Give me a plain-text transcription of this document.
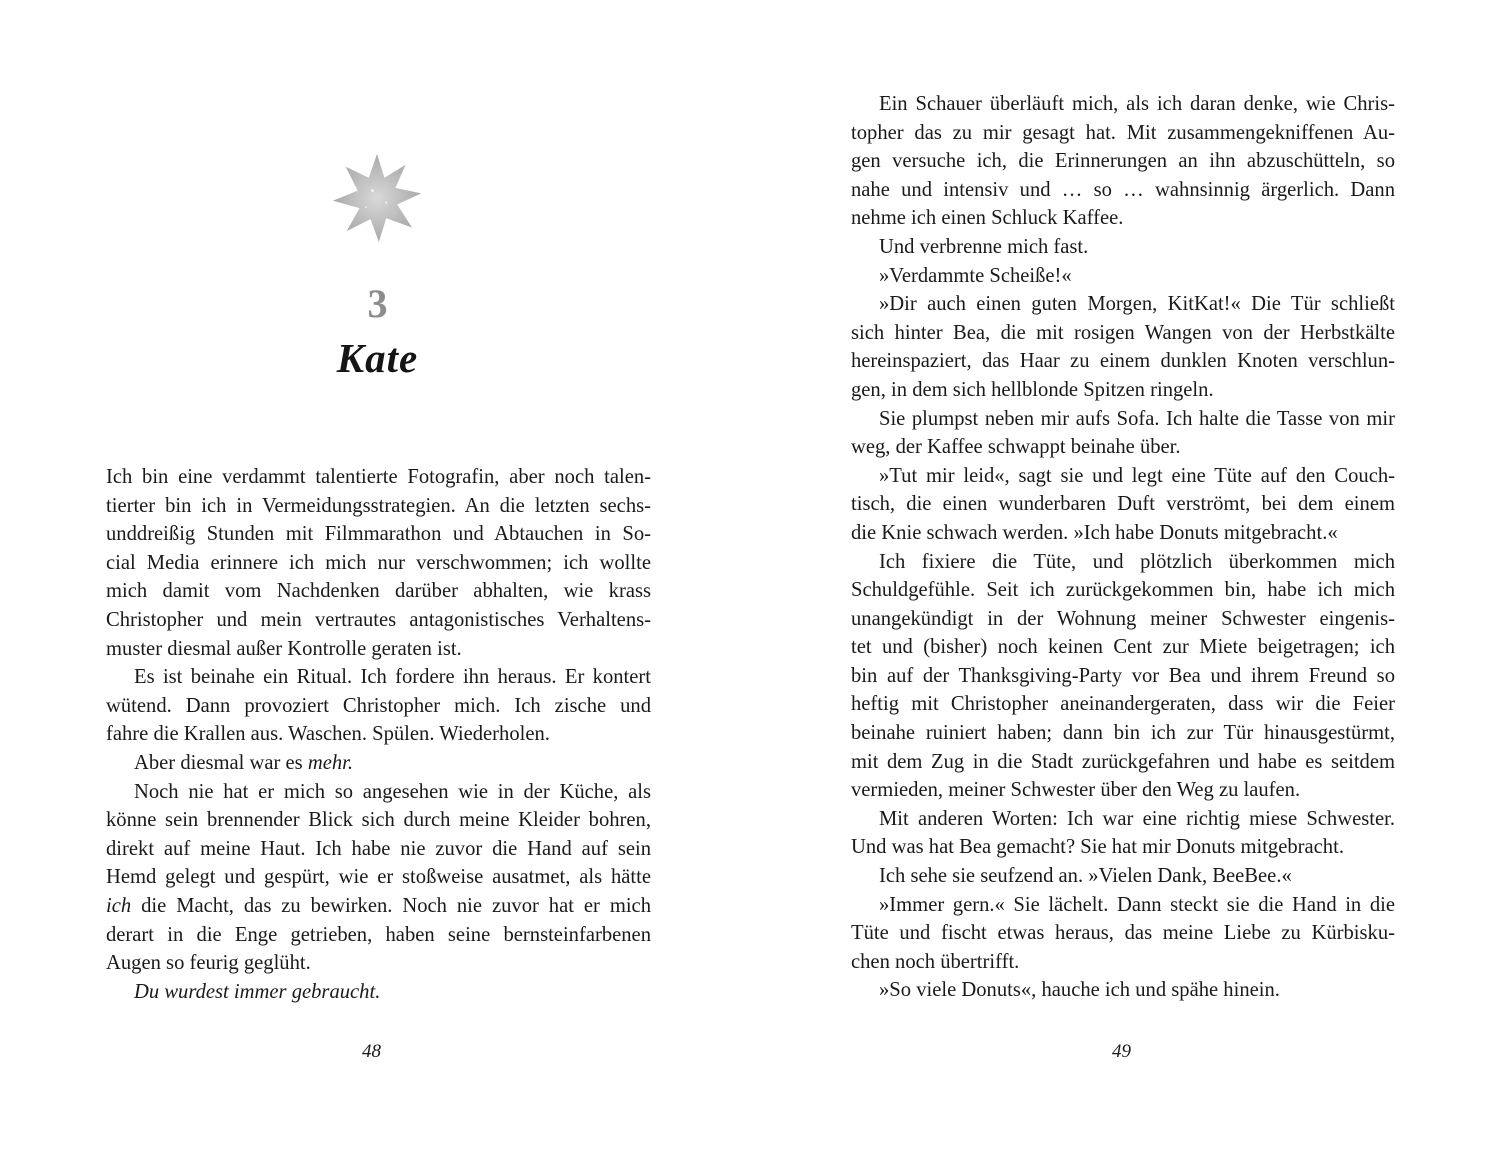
3
Kate
Ich bin eine verdammt talentierte Fotografin, aber noch talen-
tierter bin ich in Vermeidungsstrategien. An die letzten sechs-
unddreißig Stunden mit Filmmarathon und Abtauchen in So-
cial Media erinnere ich mich nur verschwommen; ich wollte
mich damit vom Nachdenken darüber abhalten, wie krass
Christopher und mein vertrautes antagonistisches Verhaltens-
muster diesmal außer Kontrolle geraten ist.
Es ist beinahe ein Ritual. Ich fordere ihn heraus. Er kontert
wütend. Dann provoziert Christopher mich. Ich zische und
fahre die Krallen aus. Waschen. Spülen. Wiederholen.
Aber diesmal war es mehr.
Noch nie hat er mich so angesehen wie in der Küche, als
könne sein brennender Blick sich durch meine Kleider bohren,
direkt auf meine Haut. Ich habe nie zuvor die Hand auf sein
Hemd gelegt und gespürt, wie er stoßweise ausatmet, als hätte
ich die Macht, das zu bewirken. Noch nie zuvor hat er mich
derart in die Enge getrieben, haben seine bernsteinfarbenen
Augen so feurig geglüht.
Du wurdest immer gebraucht.
48
Ein Schauer überläuft mich, als ich daran denke, wie Chris-
topher das zu mir gesagt hat. Mit zusammengekniffenen Au-
gen versuche ich, die Erinnerungen an ihn abzuschütteln, so
nahe und intensiv und … so … wahnsinnig ärgerlich. Dann
nehme ich einen Schluck Kaffee.
Und verbrenne mich fast.
»Verdammte Scheiße!«
»Dir auch einen guten Morgen, KitKat!« Die Tür schließt
sich hinter Bea, die mit rosigen Wangen von der Herbstkälte
hereinspaziert, das Haar zu einem dunklen Knoten verschlun-
gen, in dem sich hellblonde Spitzen ringeln.
Sie plumpst neben mir aufs Sofa. Ich halte die Tasse von mir
weg, der Kaffee schwappt beinahe über.
»Tut mir leid«, sagt sie und legt eine Tüte auf den Couch-
tisch, die einen wunderbaren Duft verströmt, bei dem einem
die Knie schwach werden. »Ich habe Donuts mitgebracht.«
Ich fixiere die Tüte, und plötzlich überkommen mich
Schuldgefühle. Seit ich zurückgekommen bin, habe ich mich
unangekündigt in der Wohnung meiner Schwester eingenis-
tet und (bisher) noch keinen Cent zur Miete beigetragen; ich
bin auf der Thanksgiving-Party vor Bea und ihrem Freund so
heftig mit Christopher aneinandergeraten, dass wir die Feier
beinahe ruiniert haben; dann bin ich zur Tür hinausgestürmt,
mit dem Zug in die Stadt zurückgefahren und habe es seitdem
vermieden, meiner Schwester über den Weg zu laufen.
Mit anderen Worten: Ich war eine richtig miese Schwester.
Und was hat Bea gemacht? Sie hat mir Donuts mitgebracht.
Ich sehe sie seufzend an. »Vielen Dank, BeeBee.«
»Immer gern.« Sie lächelt. Dann steckt sie die Hand in die
Tüte und fischt etwas heraus, das meine Liebe zu Kürbisku-
chen noch übertrifft.
»So viele Donuts«, hauche ich und spähe hinein.
49
